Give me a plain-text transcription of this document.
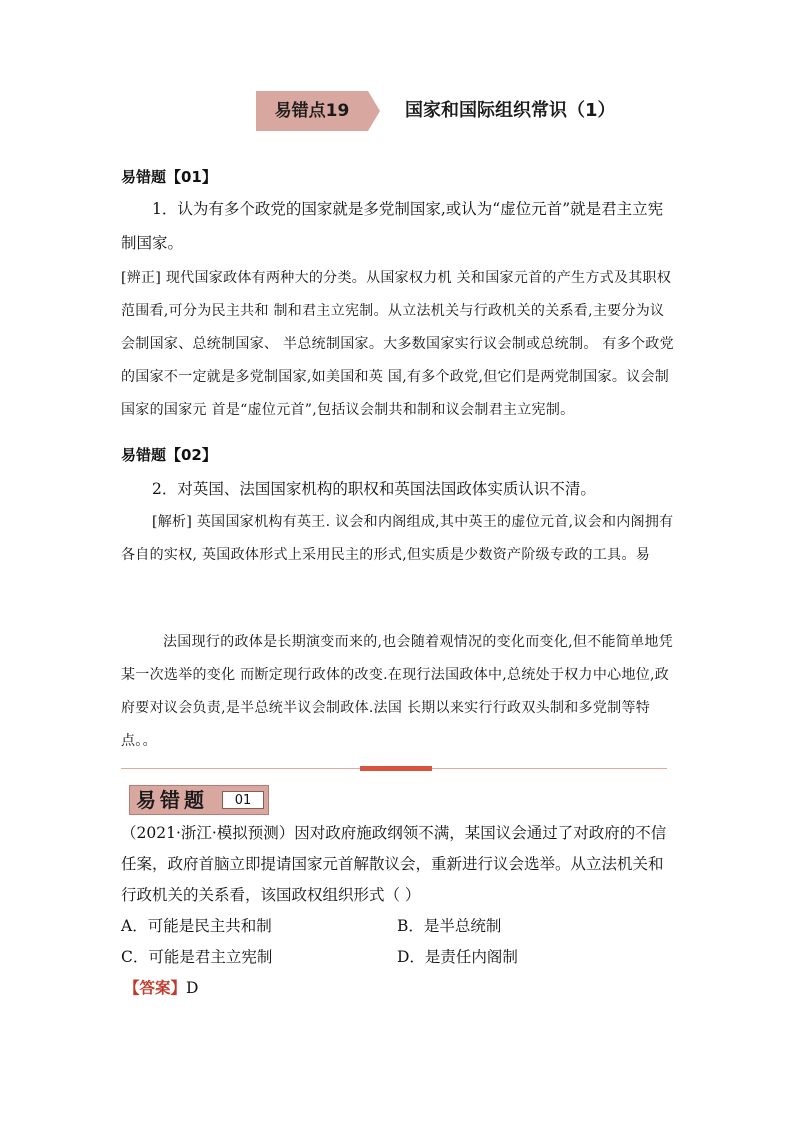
易错点19	国家和国际组织常识（1）
易错题【01】

1．认为有多个政党的国家就是多党制国家,或认为“虚位元首”就是君主立宪制国家。

[辨正] 现代国家政体有两种大的分类。从国家权力机 关和国家元首的产生方式及其职权范围看,可分为民主共和 制和君主立宪制。从立法机关与行政机关的关系看,主要分为议会制国家、总统制国家、 半总统制国家。大多数国家实行议会制或总统制。 有多个政党的国家不一定就是多党制国家,如美国和英 国,有多个政党,但它们是两党制国家。议会制国家的国家元 首是“虚位元首”,包括议会制共和制和议会制君主立宪制。

易错题【02】

2．对英国、法国国家机构的职权和英国法国政体实质认识不清。

[解析] 英国国家机构有英王. 议会和内阁组成,其中英王的虚位元首,议会和内阁拥有各自的实权, 英国政体形式上采用民主的形式,但实质是少数资产阶级专政的工具。易

法国现行的政体是长期演变而来的,也会随着观情况的变化而变化,但不能简单地凭某一次选举的变化 而断定现行政体的改变.在现行法国政体中,总统处于权力中心地位,政府要对议会负责,是半总统半议会制政体.法国 长期以来实行行政双头制和多党制等特点。。

易错题	01

（2021·浙江·模拟预测）因对政府施政纲领不满，某国议会通过了对政府的不信任案，政府首脑立即提请国家元首解散议会，重新进行议会选举。从立法机关和行政机关的关系看，该国政权组织形式（ ）

A．可能是民主共和制	B．是半总统制
C．可能是君主立宪制	D．是责任内阁制
【答案】D
